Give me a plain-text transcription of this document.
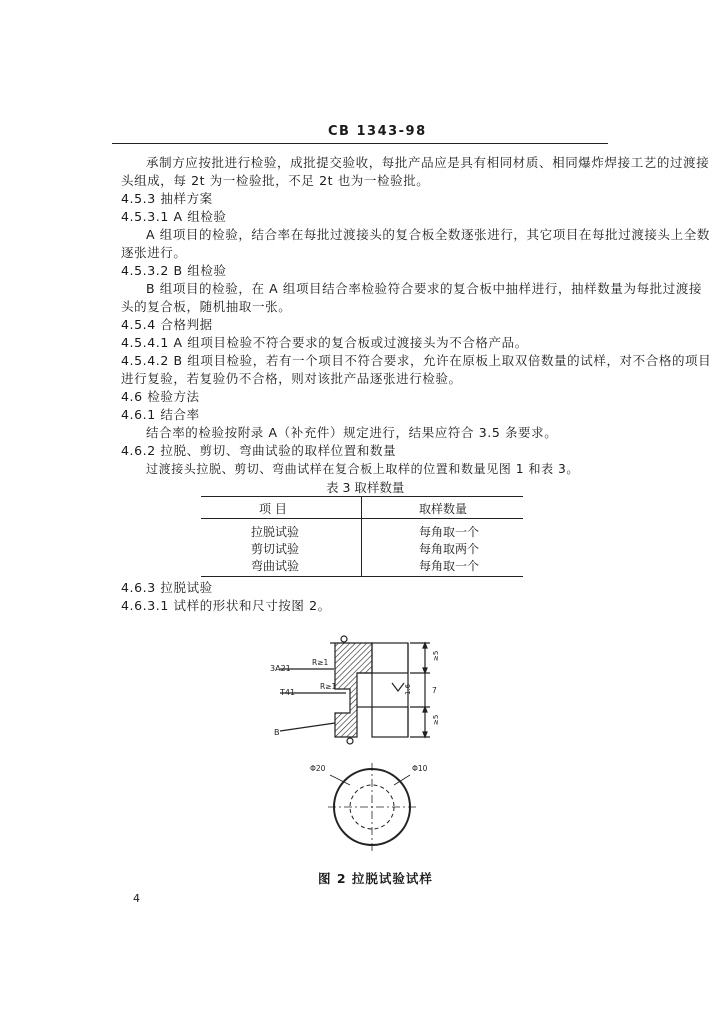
CB 1343-98
承制方应按批进行检验，成批提交验收，每批产品应是具有相同材质、相同爆炸焊接工艺的过渡接
头组成，每 2t 为一检验批，不足 2t 也为一检验批。
4.5.3 抽样方案
4.5.3.1 A 组检验
A 组项目的检验，结合率在每批过渡接头的复合板全数逐张进行，其它项目在每批过渡接头上全数
逐张进行。
4.5.3.2 B 组检验
B 组项目的检验，在 A 组项目结合率检验符合要求的复合板中抽样进行，抽样数量为每批过渡接
头的复合板，随机抽取一张。
4.5.4 合格判据
4.5.4.1 A 组项目检验不符合要求的复合板或过渡接头为不合格产品。
4.5.4.2 B 组项目检验，若有一个项目不符合要求，允许在原板上取双倍数量的试样，对不合格的项目
进行复验，若复验仍不合格，则对该批产品逐张进行检验。
4.6 检验方法
4.6.1 结合率
结合率的检验按附录 A（补充件）规定进行，结果应符合 3.5 条要求。
4.6.2 拉脱、剪切、弯曲试验的取样位置和数量
过渡接头拉脱、剪切、弯曲试样在复合板上取样的位置和数量见图 1 和表 3。
表 3 取样数量
项 目	取样数量
拉脱试验	每角取一个
剪切试验	每角取两个
弯曲试验	每角取一个
4.6.3 拉脱试验
4.6.3.1 试样的形状和尺寸按图 2。
3A21
T41
B
R≥1
R≥1
≥5
7
≥5
1.6
Φ20	Φ10
图 2 拉脱试验试样
4
